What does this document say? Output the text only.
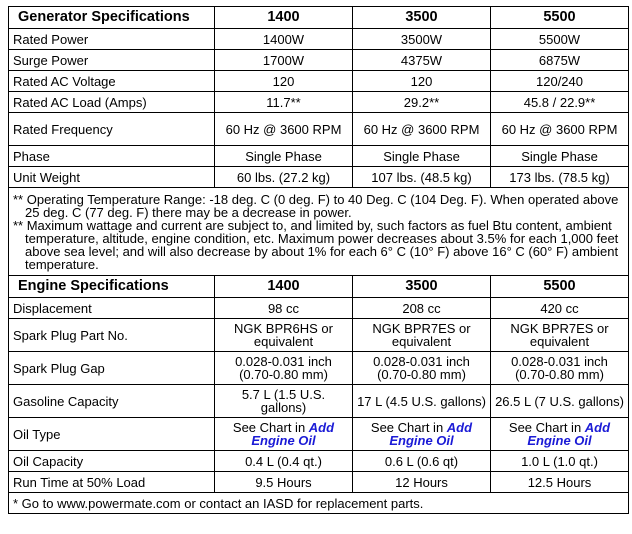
Generator Specifications	1400	3500	5500
Rated Power	1400W	3500W	5500W
Surge Power	1700W	4375W	6875W
Rated AC Voltage	120	120	120/240
Rated AC Load (Amps)	11.7**	29.2**	45.8 / 22.9**
Rated Frequency	60 Hz @ 3600 RPM	60 Hz @ 3600 RPM	60 Hz @ 3600 RPM
Phase	Single Phase	Single Phase	Single Phase
Unit Weight	60 lbs. (27.2 kg)	107 lbs. (48.5 kg)	173 lbs. (78.5 kg)

** Operating Temperature Range: -18 deg. C (0 deg. F) to 40 Deg. C (104 Deg. F). When operated above 25 deg. C (77 deg. F) there may be a decrease in power.

** Maximum wattage and current are subject to, and limited by, such factors as fuel Btu content, ambient temperature, altitude, engine condition, etc. Maximum power decreases about 3.5% for each 1,000 feet above sea level; and will also decrease by about 1% for each 6° C (10° F) above 16° C (60° F) ambient temperature.			

Engine Specifications	1400	3500	5500
Displacement	98 cc	208 cc	420 cc
Spark Plug Part No.	NGK BPR6HS or equivalent	NGK BPR7ES or equivalent	NGK BPR7ES or equivalent
Spark Plug Gap	0.028-0.031 inch (0.70-0.80 mm)	0.028-0.031 inch (0.70-0.80 mm)	0.028-0.031 inch (0.70-0.80 mm)
Gasoline Capacity	5.7 L (1.5 U.S. gallons)	17 L (4.5 U.S. gallons)	26.5 L (7 U.S. gallons)
Oil Type	See Chart in Add Engine Oil	See Chart in Add Engine Oil	See Chart in Add Engine Oil
Oil Capacity	0.4 L (0.4 qt.)	0.6 L (0.6 qt)	1.0 L (1.0 qt.)
Run Time at 50% Load	9.5 Hours	12 Hours	12.5 Hours
* Go to www.powermate.com or contact an IASD for replacement parts.			
